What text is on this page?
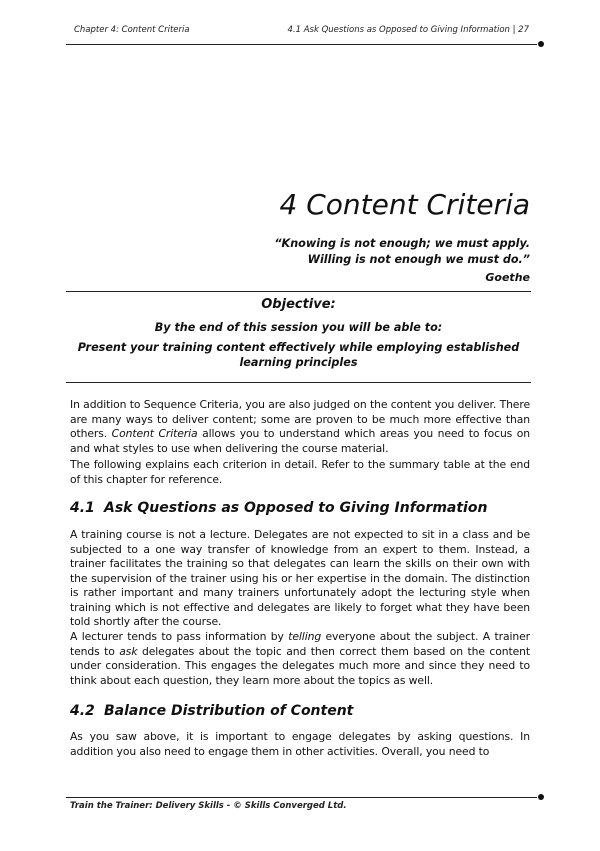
Chapter 4: Content Criteria	4.1 Ask Questions as Opposed to Giving Information | 27
4 Content Criteria
“Knowing is not enough; we must apply.
Willing is not enough we must do.”
Goethe
Objective:
By the end of this session you will be able to:
Present your training content effectively while employing established learning principles
In addition to Sequence Criteria, you are also judged on the content you deliver. There are many ways to deliver content; some are proven to be much more effective than others. Content Criteria allows you to understand which areas you need to focus on and what styles to use when delivering the course material.
The following explains each criterion in detail. Refer to the summary table at the end of this chapter for reference.
4.1 Ask Questions as Opposed to Giving Information
A training course is not a lecture. Delegates are not expected to sit in a class and be subjected to a one way transfer of knowledge from an expert to them. Instead, a trainer facilitates the training so that delegates can learn the skills on their own with the supervision of the trainer using his or her expertise in the domain. The distinction is rather important and many trainers unfortunately adopt the lecturing style when training which is not effective and delegates are likely to forget what they have been told shortly after the course.
A lecturer tends to pass information by telling everyone about the subject. A trainer tends to ask delegates about the topic and then correct them based on the content under consideration. This engages the delegates much more and since they need to think about each question, they learn more about the topics as well.
4.2 Balance Distribution of Content
As you saw above, it is important to engage delegates by asking questions. In addition you also need to engage them in other activities. Overall, you need to
Train the Trainer: Delivery Skills - © Skills Converged Ltd.
